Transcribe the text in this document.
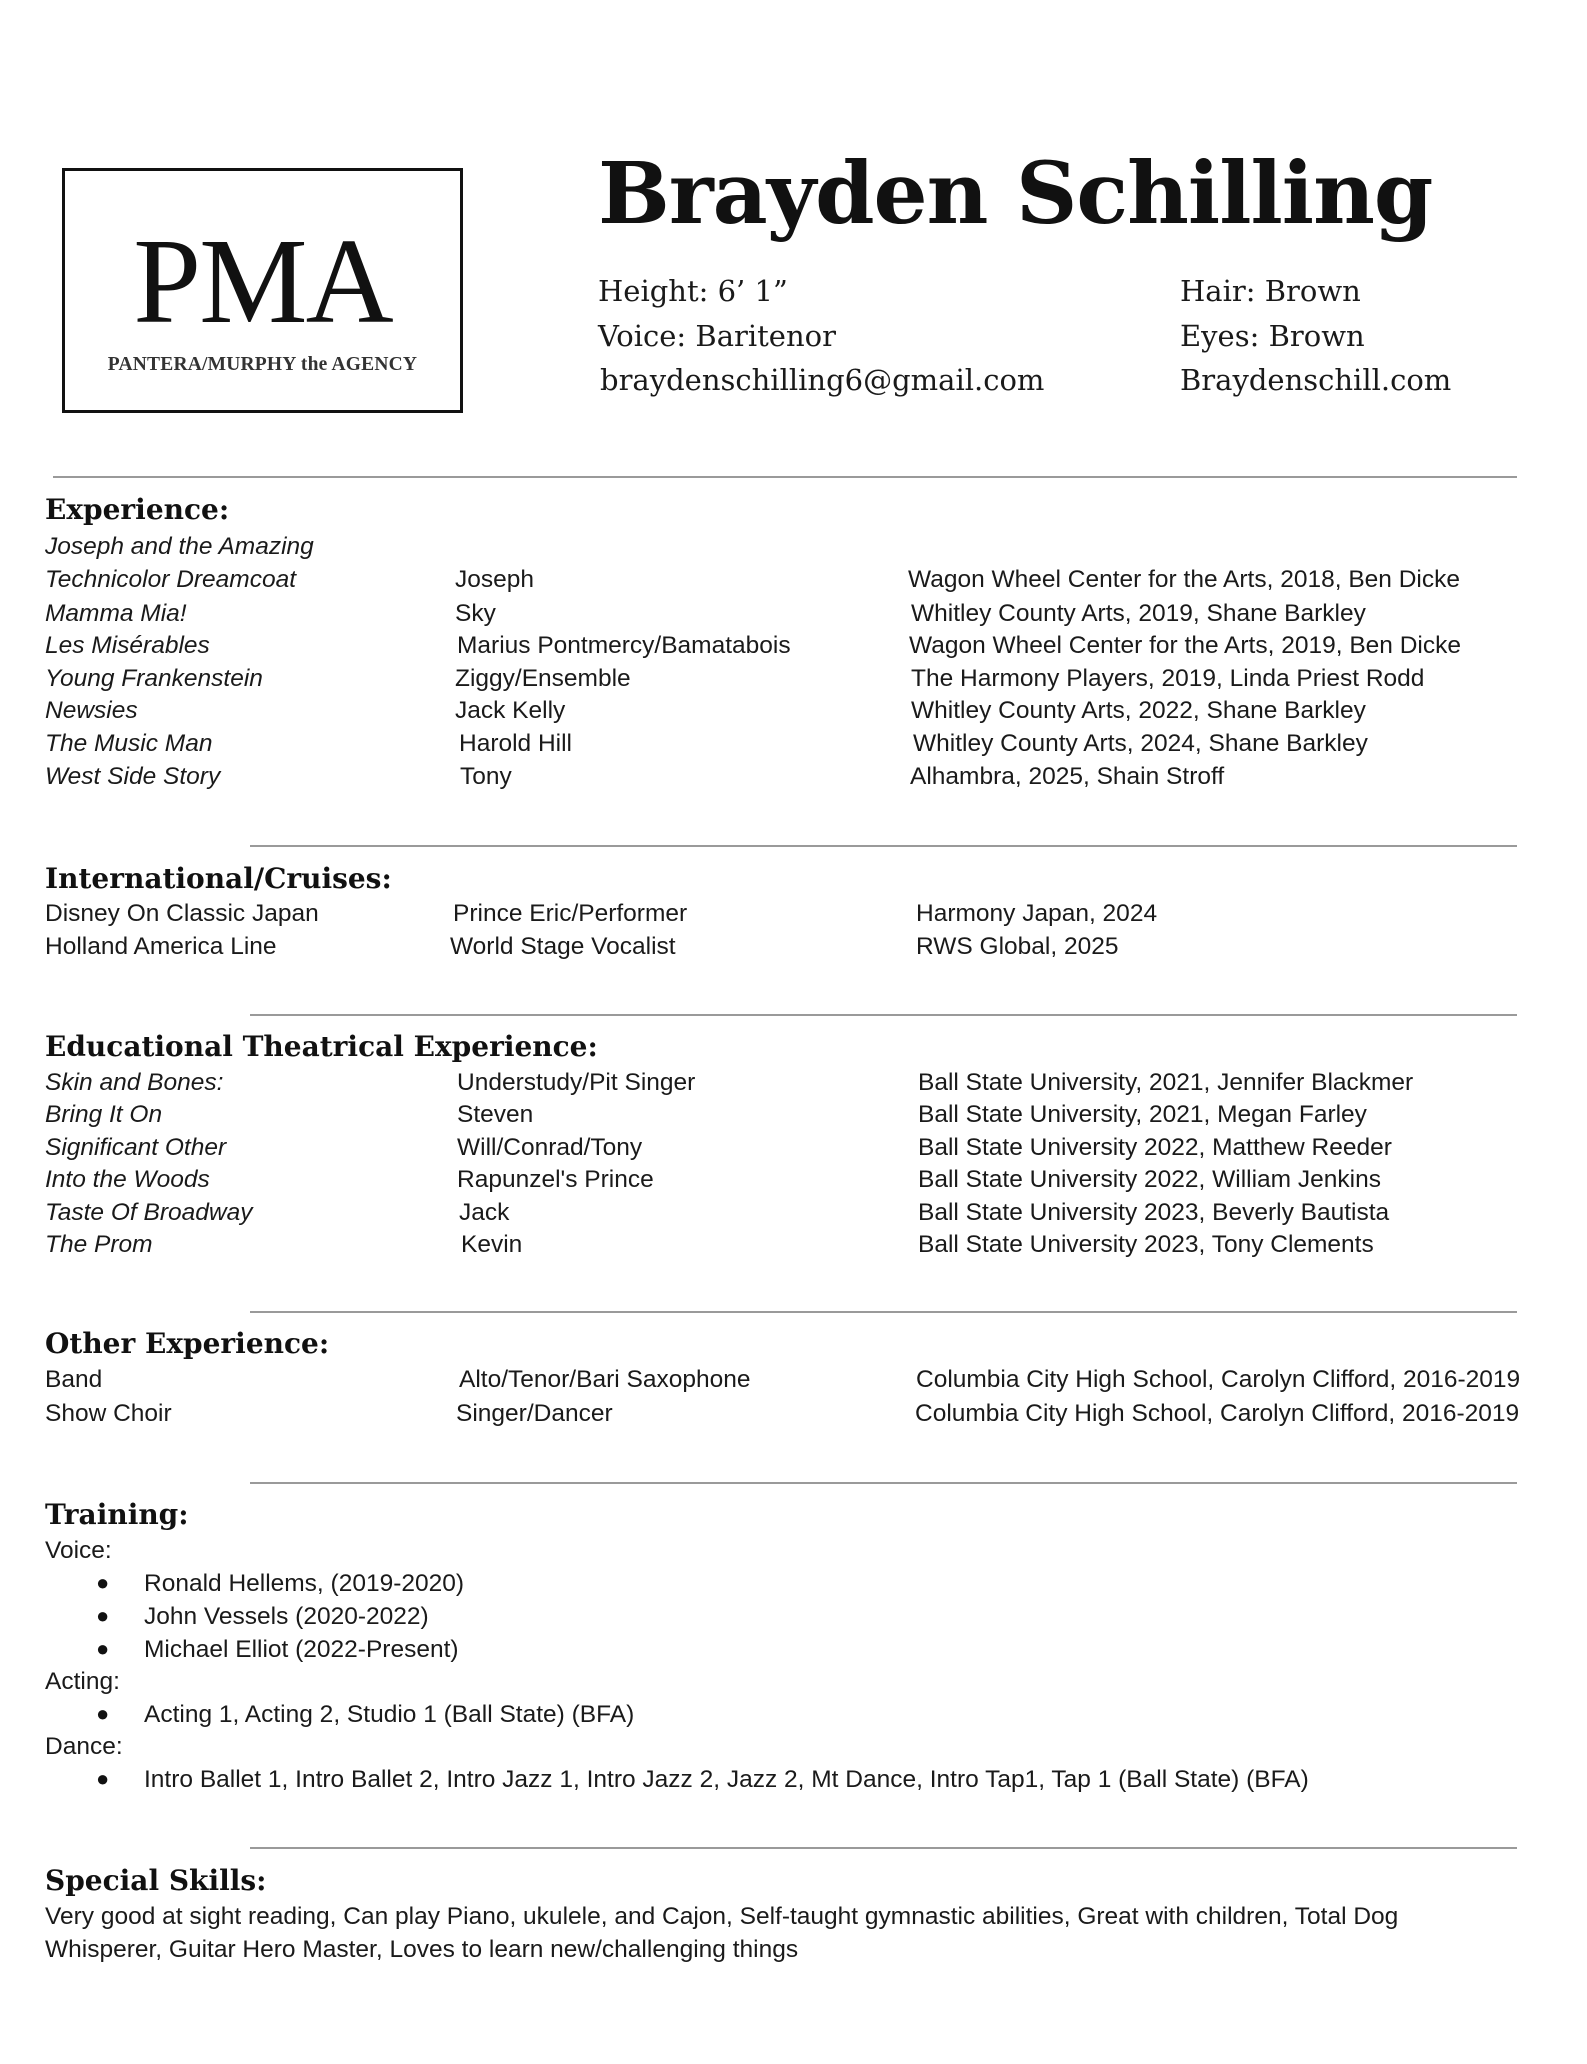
PMA
PANTERA/MURPHY the AGENCY
Brayden Schilling
Height: 6’ 1”
Voice: Baritenor
braydenschilling6@gmail.com
Hair: Brown
Eyes: Brown
Braydenschill.com
Experience:
Joseph and the Amazing
Technicolor Dreamcoat	Joseph	Wagon Wheel Center for the Arts, 2018, Ben Dicke
Mamma Mia!	Sky	Whitley County Arts, 2019, Shane Barkley
Les Misérables	Marius Pontmercy/Bamatabois	Wagon Wheel Center for the Arts, 2019, Ben Dicke
Young Frankenstein	Ziggy/Ensemble	The Harmony Players, 2019, Linda Priest Rodd
Newsies	Jack Kelly	Whitley County Arts, 2022, Shane Barkley
The Music Man	Harold Hill	Whitley County Arts, 2024, Shane Barkley
West Side Story	Tony	Alhambra, 2025, Shain Stroff
International/Cruises:
Disney On Classic Japan	Prince Eric/Performer	Harmony Japan, 2024
Holland America Line	World Stage Vocalist	RWS Global, 2025
Educational Theatrical Experience:
Skin and Bones:	Understudy/Pit Singer	Ball State University, 2021, Jennifer Blackmer
Bring It On	Steven	Ball State University, 2021, Megan Farley
Significant Other	Will/Conrad/Tony	Ball State University 2022, Matthew Reeder
Into the Woods	Rapunzel's Prince	Ball State University 2022, William Jenkins
Taste Of Broadway	Jack	Ball State University 2023, Beverly Bautista
The Prom	Kevin	Ball State University 2023, Tony Clements
Other Experience:
Band	Alto/Tenor/Bari Saxophone	Columbia City High School, Carolyn Clifford, 2016-2019
Show Choir	Singer/Dancer	Columbia City High School, Carolyn Clifford, 2016-2019
Training:
Voice:
● Ronald Hellems, (2019-2020)
● John Vessels (2020-2022)
● Michael Elliot (2022-Present)
Acting:
● Acting 1, Acting 2, Studio 1 (Ball State) (BFA)
Dance:
● Intro Ballet 1, Intro Ballet 2, Intro Jazz 1, Intro Jazz 2, Jazz 2, Mt Dance, Intro Tap1, Tap 1 (Ball State) (BFA)
Special Skills:
Very good at sight reading, Can play Piano, ukulele, and Cajon, Self-taught gymnastic abilities, Great with children, Total Dog
Whisperer, Guitar Hero Master, Loves to learn new/challenging things
